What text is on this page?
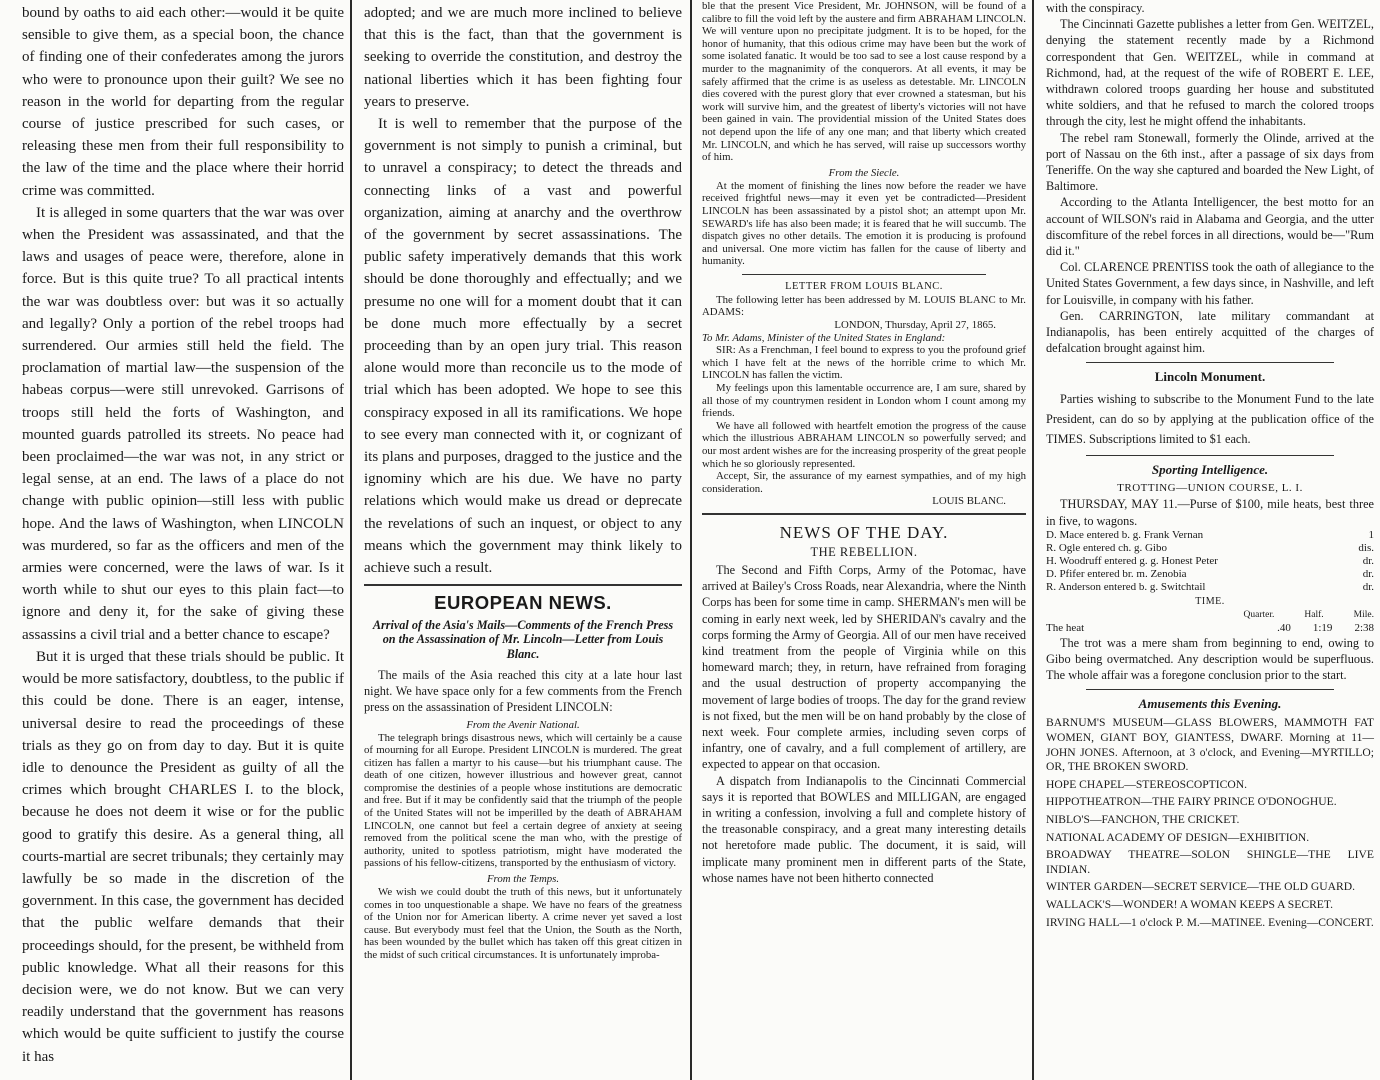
bound by oaths to aid each other:—would it be quite sensible to give them, as a special boon, the chance of finding one of their confederates among the jurors who were to pronounce upon their guilt? We see no reason in the world for departing from the regular course of justice prescribed for such cases, or releasing these men from their full responsibility to the law of the time and the place where their horrid crime was committed.

It is alleged in some quarters that the war was over when the President was assassinated, and that the laws and usages of peace were, therefore, alone in force. But is this quite true? To all practical intents the war was doubtless over: but was it so actually and legally? Only a portion of the rebel troops had surrendered. Our armies still held the field. The proclamation of martial law—the suspension of the habeas corpus—were still unrevoked. Garrisons of troops still held the forts of Washington, and mounted guards patrolled its streets. No peace had been proclaimed—the war was not, in any strict or legal sense, at an end. The laws of a place do not change with public opinion—still less with public hope. And the laws of Washington, when LINCOLN was murdered, so far as the officers and men of the armies were concerned, were the laws of war. Is it worth while to shut our eyes to this plain fact—to ignore and deny it, for the sake of giving these assassins a civil trial and a better chance to escape?

But it is urged that these trials should be public. It would be more satisfactory, doubtless, to the public if this could be done. There is an eager, intense, universal desire to read the proceedings of these trials as they go on from day to day. But it is quite idle to denounce the President as guilty of all the crimes which brought CHARLES I. to the block, because he does not deem it wise or for the public good to gratify this desire. As a general thing, all courts-martial are secret tribunals; they certainly may lawfully be so made in the discretion of the government. In this case, the government has decided that the public welfare demands that their proceedings should, for the present, be withheld from public knowledge. What all their reasons for this decision were, we do not know. But we can very readily understand that the government has reasons which would be quite sufficient to justify the course it has

adopted; and we are much more inclined to believe that this is the fact, than that the government is seeking to override the constitution, and destroy the national liberties which it has been fighting four years to preserve.

It is well to remember that the purpose of the government is not simply to punish a criminal, but to unravel a conspiracy; to detect the threads and connecting links of a vast and powerful organization, aiming at anarchy and the overthrow of the government by secret assassinations. The public safety imperatively demands that this work should be done thoroughly and effectually; and we presume no one will for a moment doubt that it can be done much more effectually by a secret proceeding than by an open jury trial. This reason alone would more than reconcile us to the mode of trial which has been adopted. We hope to see this conspiracy exposed in all its ramifications. We hope to see every man connected with it, or cognizant of its plans and purposes, dragged to the justice and the ignominy which are his due. We have no party relations which would make us dread or deprecate the revelations of such an inquest, or object to any means which the government may think likely to achieve such a result.

EUROPEAN NEWS.
Arrival of the Asia's Mails—Comments of the French Press on the Assassination of Mr. Lincoln—Letter from Louis Blanc.

The mails of the Asia reached this city at a late hour last night. We have space only for a few comments from the French press on the assassination of President LINCOLN:

From the Avenir National.

The telegraph brings disastrous news, which will certainly be a cause of mourning for all Europe. President LINCOLN is murdered. The great citizen has fallen a martyr to his cause—but his triumphant cause. The death of one citizen, however illustrious and however great, cannot compromise the destinies of a people whose institutions are democratic and free. But if it may be confidently said that the triumph of the people of the United States will not be imperilled by the death of ABRAHAM LINCOLN, one cannot but feel a certain degree of anxiety at seeing removed from the political scene the man who, with the prestige of authority, united to spotless patriotism, might have moderated the passions of his fellow-citizens, transported by the enthusiasm of victory.

From the Temps.

We wish we could doubt the truth of this news, but it unfortunately comes in too unquestionable a shape. We have no fears of the greatness of the Union nor for American liberty. A crime never yet saved a lost cause. But everybody must feel that the Union, the South as the North, has been wounded by the bullet which has taken off this great citizen in the midst of such critical circumstances. It is unfortunately improba-

ble that the present Vice President, Mr. JOHNSON, will be found of a calibre to fill the void left by the austere and firm ABRAHAM LINCOLN. We will venture upon no precipitate judgment. It is to be hoped, for the honor of humanity, that this odious crime may have been but the work of some isolated fanatic. It would be too sad to see a lost cause respond by a murder to the magnanimity of the conquerors. At all events, it may be safely affirmed that the crime is as useless as detestable. Mr. LINCOLN dies covered with the purest glory that ever crowned a statesman, but his work will survive him, and the greatest of liberty's victories will not have been gained in vain. The providential mission of the United States does not depend upon the life of any one man; and that liberty which created Mr. LINCOLN, and which he has served, will raise up successors worthy of him.

From the Siecle.

At the moment of finishing the lines now before the reader we have received frightful news—may it even yet be contradicted—President LINCOLN has been assassinated by a pistol shot; an attempt upon Mr. SEWARD's life has also been made; it is feared that he will succumb. The dispatch gives no other details. The emotion it is producing is profound and universal. One more victim has fallen for the cause of liberty and humanity.

LETTER FROM LOUIS BLANC.

The following letter has been addressed by M. LOUIS BLANC to Mr. ADAMS:

LONDON, Thursday, April 27, 1865.

To Mr. Adams, Minister of the United States in England:

SIR: As a Frenchman, I feel bound to express to you the profound grief which I have felt at the news of the horrible crime to which Mr. LINCOLN has fallen the victim.

My feelings upon this lamentable occurrence are, I am sure, shared by all those of my countrymen resident in London whom I count among my friends.

We have all followed with heartfelt emotion the progress of the cause which the illustrious ABRAHAM LINCOLN so powerfully served; and our most ardent wishes are for the increasing prosperity of the great people which he so gloriously represented.

Accept, Sir, the assurance of my earnest sympathies, and of my high consideration.

LOUIS BLANC.

NEWS OF THE DAY.
THE REBELLION.

The Second and Fifth Corps, Army of the Potomac, have arrived at Bailey's Cross Roads, near Alexandria, where the Ninth Corps has been for some time in camp. SHERMAN's men will be coming in early next week, led by SHERIDAN's cavalry and the corps forming the Army of Georgia. All of our men have received kind treatment from the people of Virginia while on this homeward march; they, in return, have refrained from foraging and the usual destruction of property accompanying the movement of large bodies of troops. The day for the grand review is not fixed, but the men will be on hand probably by the close of next week. Four complete armies, including seven corps of infantry, one of cavalry, and a full complement of artillery, are expected to appear on that occasion.

A dispatch from Indianapolis to the Cincinnati Commercial says it is reported that BOWLES and MILLIGAN, are engaged in writing a confession, involving a full and complete history of the treasonable conspiracy, and a great many interesting details not heretofore made public. The document, it is said, will implicate many prominent men in different parts of the State, whose names have not been hitherto connected

with the conspiracy.

The Cincinnati Gazette publishes a letter from Gen. WEITZEL, denying the statement recently made by a Richmond correspondent that Gen. WEITZEL, while in command at Richmond, had, at the request of the wife of ROBERT E. LEE, withdrawn colored troops guarding her house and substituted white soldiers, and that he refused to march the colored troops through the city, lest he might offend the inhabitants.

The rebel ram Stonewall, formerly the Olinde, arrived at the port of Nassau on the 6th inst., after a passage of six days from Teneriffe. On the way she captured and boarded the New Light, of Baltimore.

According to the Atlanta Intelligencer, the best motto for an account of WILSON's raid in Alabama and Georgia, and the utter discomfiture of the rebel forces in all directions, would be—"Rum did it."

Col. CLARENCE PRENTISS took the oath of allegiance to the United States Government, a few days since, in Nashville, and left for Louisville, in company with his father.

Gen. CARRINGTON, late military commandant at Indianapolis, has been entirely acquitted of the charges of defalcation brought against him.

Lincoln Monument.

Parties wishing to subscribe to the Monument Fund to the late President, can do so by applying at the publication office of the TIMES. Subscriptions limited to $1 each.

Sporting Intelligence.
TROTTING—UNION COURSE, L. I.

THURSDAY, MAY 11.—Purse of $100, mile heats, best three in five, to wagons.

D. Mace entered b. g. Frank Vernan	1
R. Ogle entered ch. g. Gibo	dis.
H. Woodruff entered g. g. Honest Peter	dr.
D. Pfifer entered br. m. Zenobia	dr.
R. Anderson entered b. g. Switchtail	dr.
TIME.
Quarter.	Half.	Mile.
The heat	.40 1:19 2:38

The trot was a mere sham from beginning to end, owing to Gibo being overmatched. Any description would be superfluous. The whole affair was a foregone conclusion prior to the start.

Amusements this Evening.

BARNUM'S MUSEUM—GLASS BLOWERS, MAMMOTH FAT WOMEN, GIANT BOY, GIANTESS, DWARF. Morning at 11—JOHN JONES. Afternoon, at 3 o'clock, and Evening—MYRTILLO; OR, THE BROKEN SWORD.

HOPE CHAPEL—STEREOSCOPTICON.

HIPPOTHEATRON—THE FAIRY PRINCE O'DONOGHUE.

NIBLO'S—FANCHON, THE CRICKET.

NATIONAL ACADEMY OF DESIGN—EXHIBITION.

BROADWAY THEATRE—SOLON SHINGLE—THE LIVE INDIAN.

WINTER GARDEN—SECRET SERVICE—THE OLD GUARD.

WALLACK'S—WONDER! A WOMAN KEEPS A SECRET.

IRVING HALL—1 o'clock P. M.—MATINEE. Evening—CONCERT.
